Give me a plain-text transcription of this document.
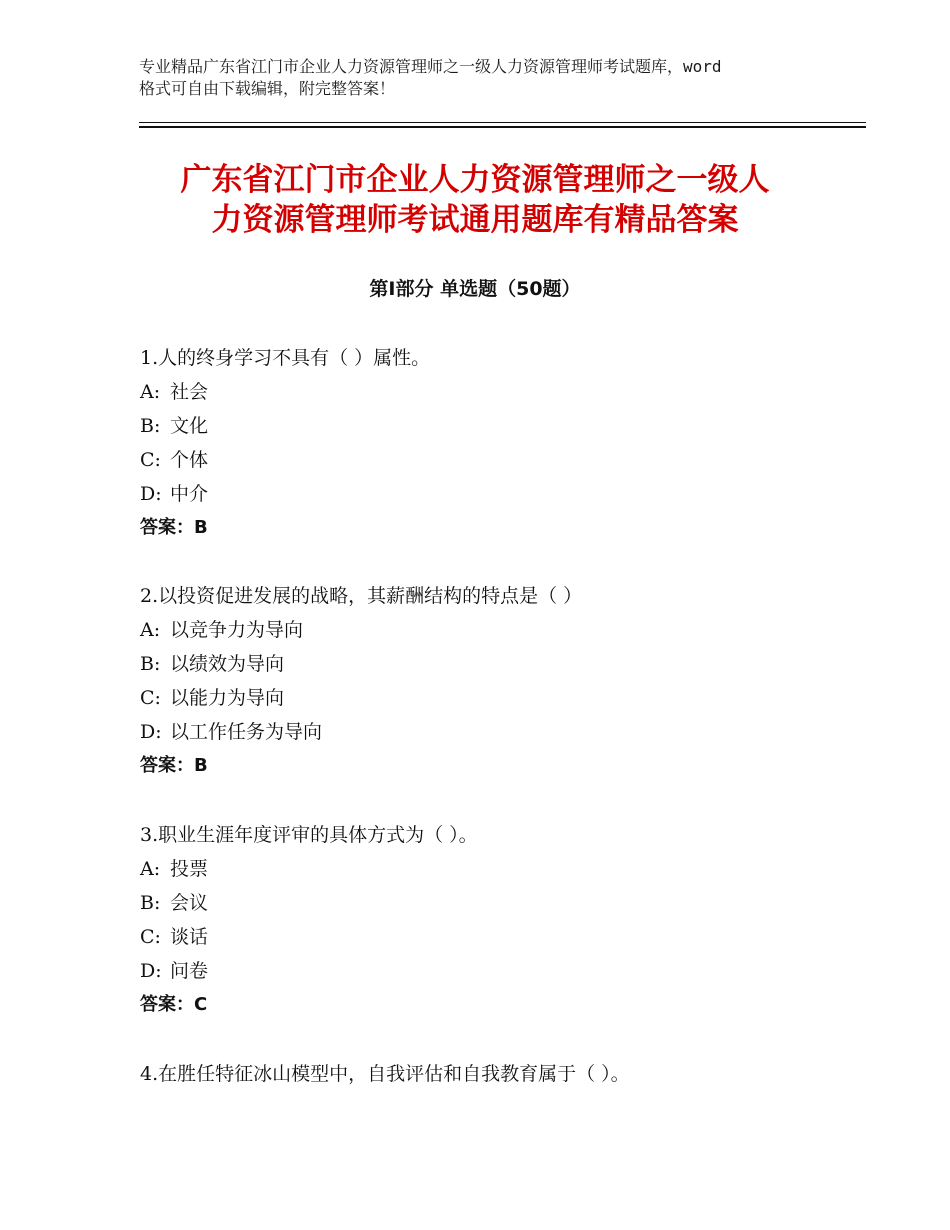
专业精品广东省江门市企业人力资源管理师之一级人力资源管理师考试题库，word
格式可自由下载编辑，附完整答案！
广东省江门市企业人力资源管理师之一级人
力资源管理师考试通用题库有精品答案
第Ⅰ部分 单选题（50题）
1.人的终身学习不具有（ ）属性。
A: 社会
B: 文化
C: 个体
D: 中介
答案：B
2.以投资促进发展的战略，其薪酬结构的特点是（ ）
A: 以竞争力为导向
B: 以绩效为导向
C: 以能力为导向
D: 以工作任务为导向
答案：B
3.职业生涯年度评审的具体方式为（ ）。
A: 投票
B: 会议
C: 谈话
D: 问卷
答案：C
4.在胜任特征冰山模型中，自我评估和自我教育属于（ ）。
